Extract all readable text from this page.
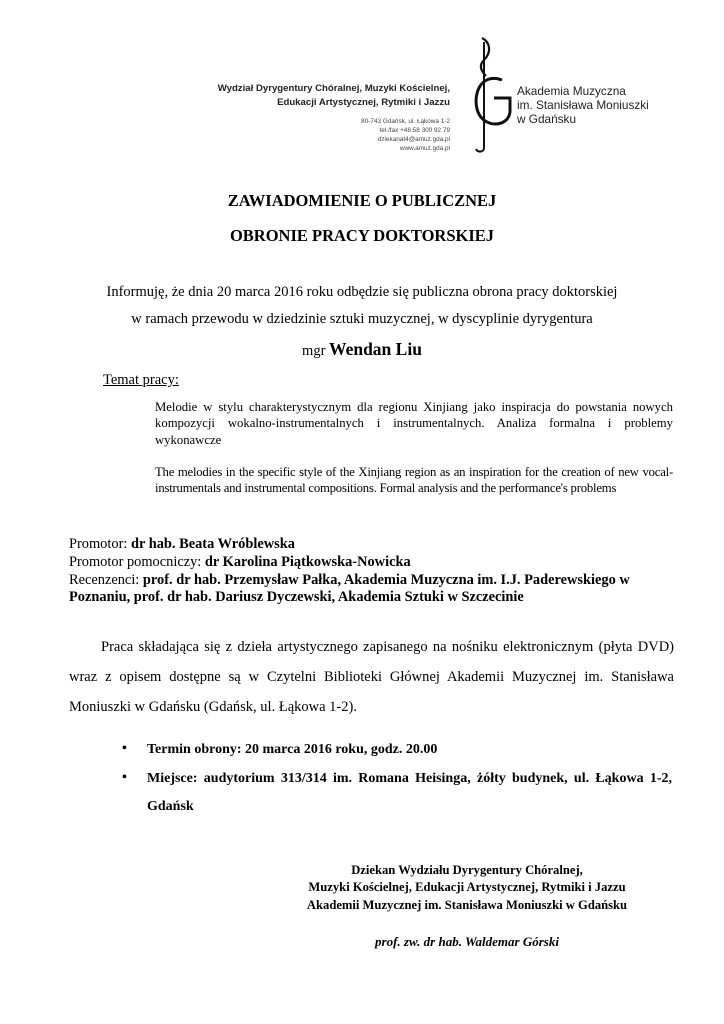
Wydział Dyrygentury Chóralnej, Muzyki Kościelnej,
Edukacji Artystycznej, Rytmiki i Jazzu
80-743 Gdańsk, ul. Łąkowa 1-2
tel./fax +48 58 300 92 79
dziekanat4@amuz.gda.pl
www.amuz.gda.pl
Akademia Muzyczna
im. Stanisława Moniuszki
w Gdańsku
ZAWIADOMIENIE O PUBLICZNEJ
OBRONIE PRACY DOKTORSKIEJ
Informuję, że dnia 20 marca 2016 roku odbędzie się publiczna obrona pracy doktorskiej
w ramach przewodu w dziedzinie sztuki muzycznej, w dyscyplinie dyrygentura
mgr Wendan Liu
Temat pracy:
Melodie w stylu charakterystycznym dla regionu Xinjiang jako inspiracja do powstania nowych kompozycji wokalno-instrumentalnych i instrumentalnych. Analiza formalna i problemy wykonawcze
The melodies in the specific style of the Xinjiang region as an inspiration for the creation of new vocal-instrumentals and instrumental compositions. Formal analysis and the performance's problems
Promotor: dr hab. Beata Wróblewska
Promotor pomocniczy: dr Karolina Piątkowska-Nowicka
Recenzenci: prof. dr hab. Przemysław Pałka, Akademia Muzyczna im. I.J. Paderewskiego w Poznaniu, prof. dr hab. Dariusz Dyczewski, Akademia Sztuki w Szczecinie
Praca składająca się z dzieła artystycznego zapisanego na nośniku elektronicznym (płyta DVD) wraz z opisem dostępne są w Czytelni Biblioteki Głównej Akademii Muzycznej im. Stanisława Moniuszki w Gdańsku (Gdańsk, ul. Łąkowa 1-2).
• Termin obrony: 20 marca 2016 roku, godz. 20.00
• Miejsce: audytorium 313/314 im. Romana Heisinga, żółty budynek, ul. Łąkowa 1-2, Gdańsk
Dziekan Wydziału Dyrygentury Chóralnej,
Muzyki Kościelnej, Edukacji Artystycznej, Rytmiki i Jazzu
Akademii Muzycznej im. Stanisława Moniuszki w Gdańsku
prof. zw. dr hab. Waldemar Górski
